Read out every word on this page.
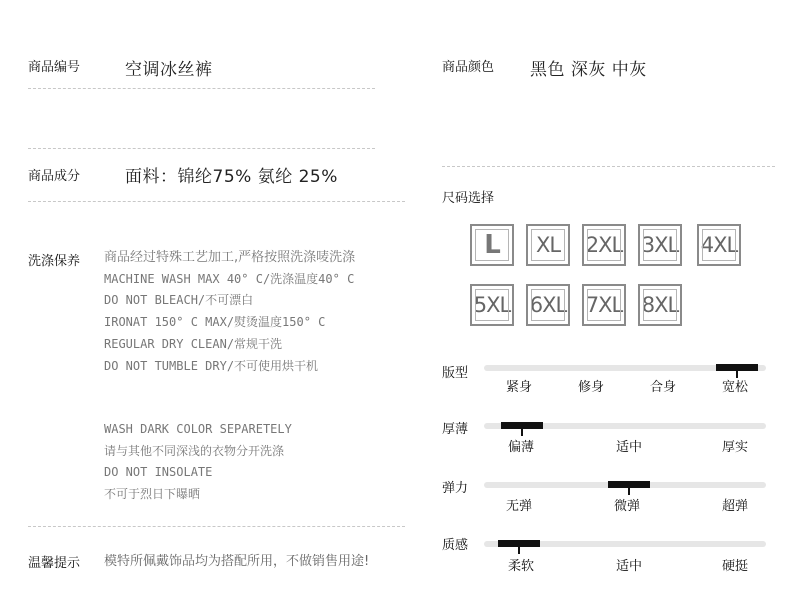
商品编号	空调冰丝裤
商品成分	面料：锦纶75% 氨纶 25%
洗涤保养 商品经过特殊工艺加工,严格按照洗涤唛洗涤
MACHINE WASH MAX 40° C/洗涤温度40° C
DO NOT BLEACH/不可漂白
IRONAT 150° C MAX/熨烫温度150° C
REGULAR DRY CLEAN/常规干洗
DO NOT TUMBLE DRY/不可使用烘干机
WASH DARK COLOR SEPARETELY
请与其他不同深浅的衣物分开洗涤
DO NOT INSOLATE
不可于烈日下曝晒
温馨提示 模特所佩戴饰品均为搭配所用，不做销售用途!
商品颜色 黑色 深灰 中灰
尺码选择
L XL 2XL 3XL 4XL
5XL 6XL 7XL 8XL
版型
紧身	修身	合身	宽松
厚薄
偏薄	适中	厚实
弹力
无弹	微弹	超弹
质感
柔软	适中	硬挺
